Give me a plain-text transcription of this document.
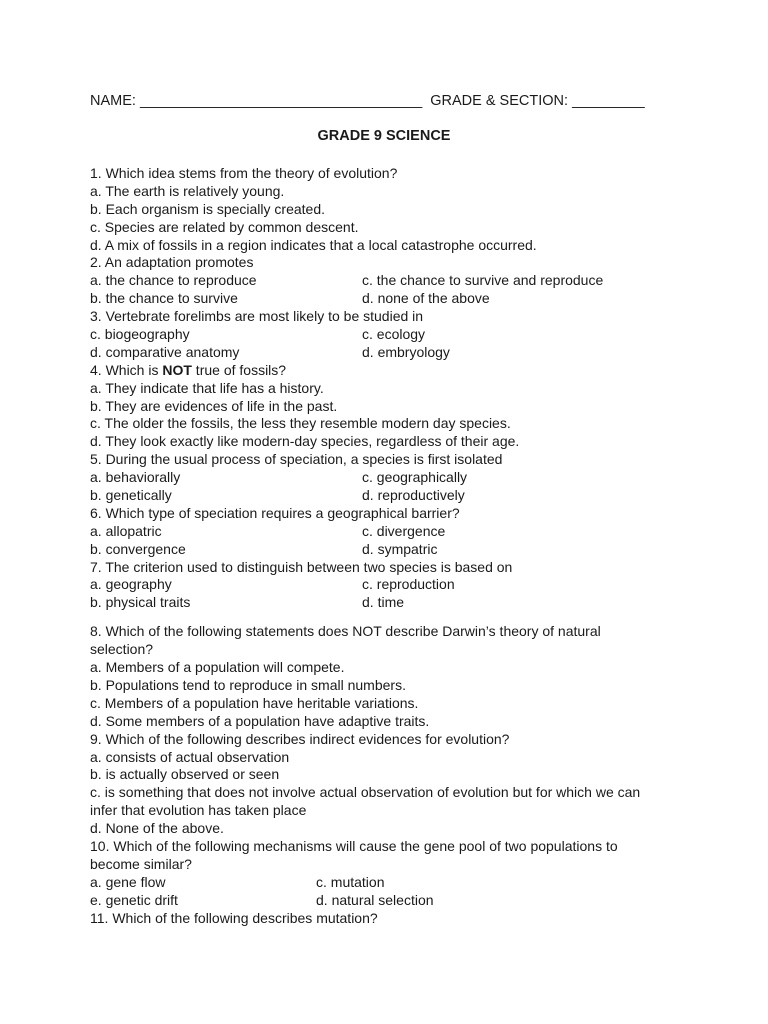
NAME: ___________________________________ GRADE & SECTION: _________
GRADE 9 SCIENCE
1. Which idea stems from the theory of evolution?
a. The earth is relatively young.
b. Each organism is specially created.
c. Species are related by common descent.
d. A mix of fossils in a region indicates that a local catastrophe occurred.
2. An adaptation promotes
a. the chance to reproduce	c. the chance to survive and reproduce
b. the chance to survive	d. none of the above
3. Vertebrate forelimbs are most likely to be studied in
c. biogeography	c. ecology
d. comparative anatomy	d. embryology
4. Which is NOT true of fossils?
a. They indicate that life has a history.
b. They are evidences of life in the past.
c. The older the fossils, the less they resemble modern day species.
d. They look exactly like modern-day species, regardless of their age.
5. During the usual process of speciation, a species is first isolated
a. behaviorally	c. geographically
b. genetically	d. reproductively
6. Which type of speciation requires a geographical barrier?
a. allopatric	c. divergence
b. convergence	d. sympatric
7. The criterion used to distinguish between two species is based on
a. geography	c. reproduction
b. physical traits	d. time
8. Which of the following statements does NOT describe Darwin’s theory of natural selection?
a. Members of a population will compete.
b. Populations tend to reproduce in small numbers.
c. Members of a population have heritable variations.
d. Some members of a population have adaptive traits.
9. Which of the following describes indirect evidences for evolution?
a. consists of actual observation
b. is actually observed or seen
c. is something that does not involve actual observation of evolution but for which we can infer that evolution has taken place
d. None of the above.
10. Which of the following mechanisms will cause the gene pool of two populations to become similar?
a. gene flow	c. mutation
e. genetic drift	d. natural selection
11. Which of the following describes mutation?
